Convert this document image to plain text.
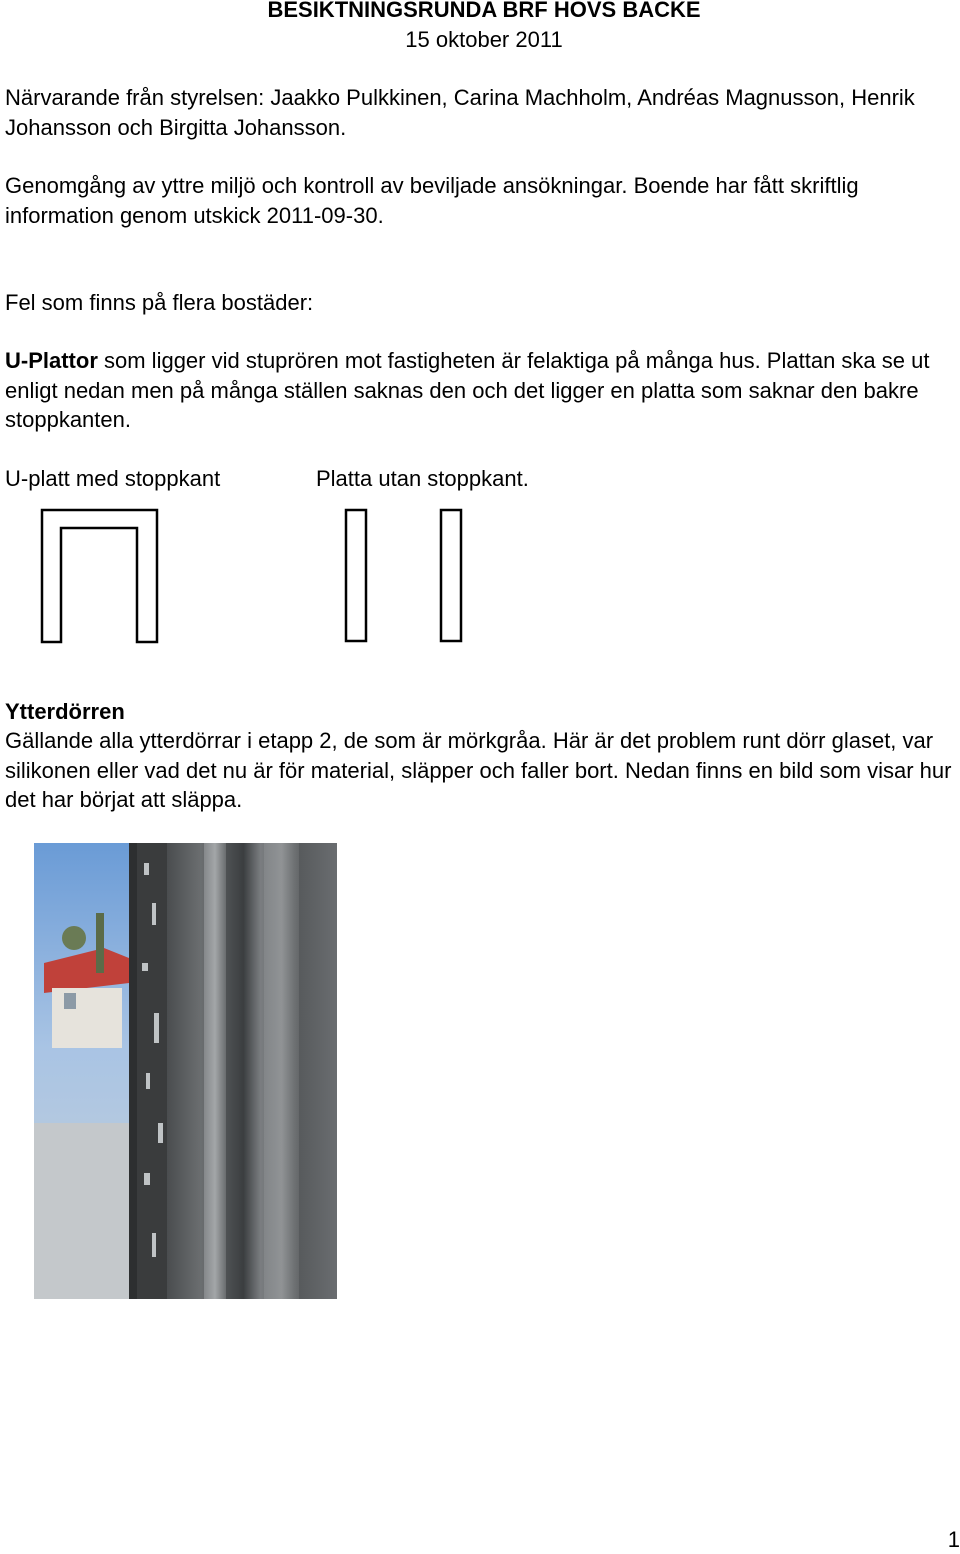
BESIKTNINGSRUNDA BRF HOVS BACKE

15 oktober 2011

Närvarande från styrelsen: Jaakko Pulkkinen, Carina Machholm, Andréas Magnusson, Henrik Johansson och Birgitta Johansson.

Genomgång av yttre miljö och kontroll av beviljade ansökningar. Boende har fått skriftlig information genom utskick 2011-09-30.

Fel som finns på flera bostäder:

U-Plattor som ligger vid stuprören mot fastigheten är felaktiga på många hus. Plattan ska se ut enligt nedan men på många ställen saknas den och det ligger en platta som saknar den bakre stoppkanten.

U-platt med stoppkant	Platta utan stoppkant.

Ytterdörren

Gällande alla ytterdörrar i etapp 2, de som är mörkgråa. Här är det problem runt dörr glaset, var silikonen eller vad det nu är för material, släpper och faller bort. Nedan finns en bild som visar hur det har börjat att släppa.

1
